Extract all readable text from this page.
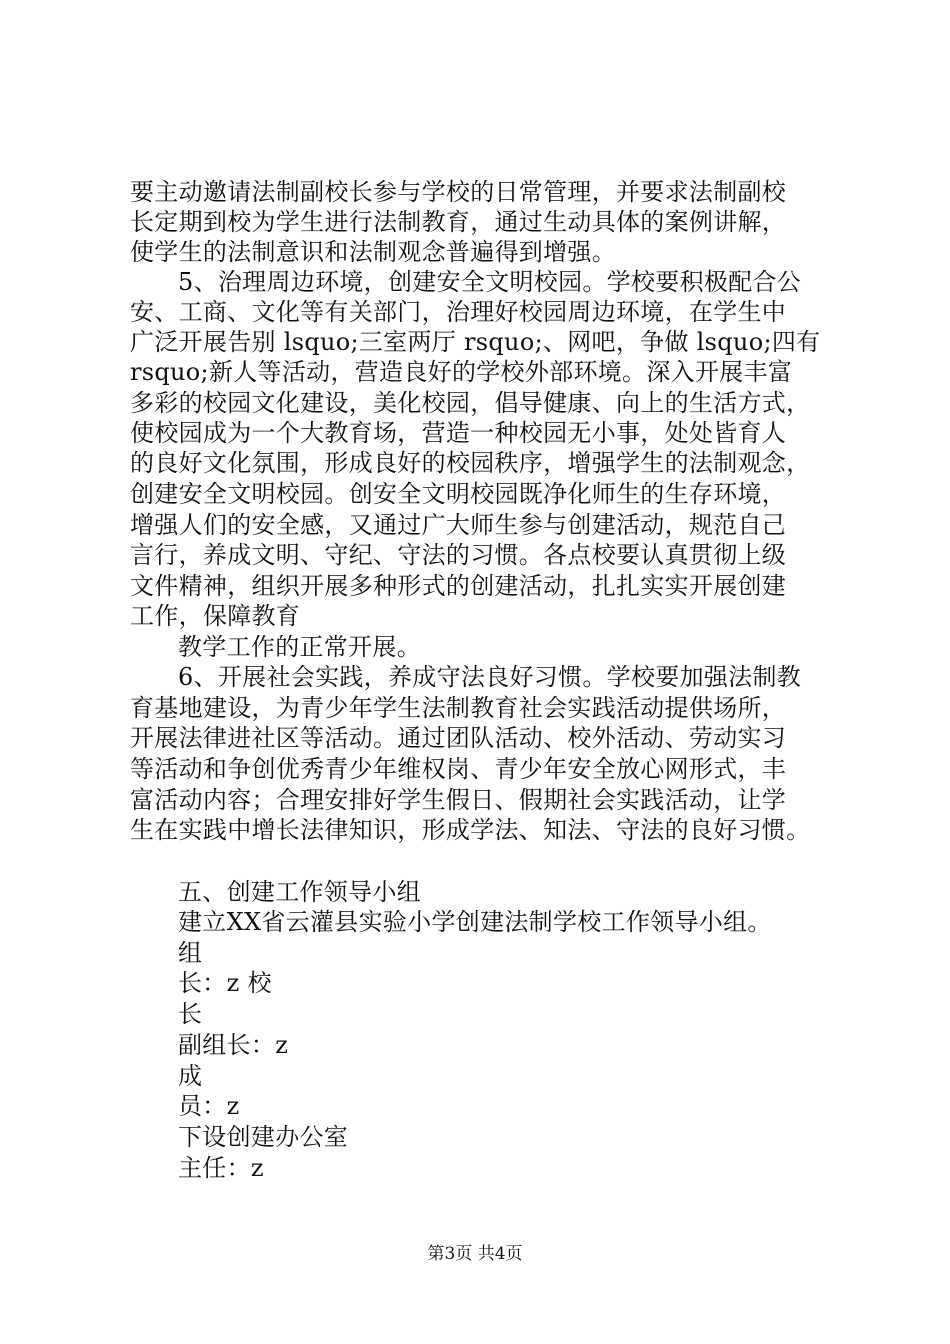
要主动邀请法制副校长参与学校的日常管理，并要求法制副校
长定期到校为学生进行法制教育，通过生动具体的案例讲解，
使学生的法制意识和法制观念普遍得到增强。
5、治理周边环境，创建安全文明校园。学校要积极配合公
安、工商、文化等有关部门，治理好校园周边环境，在学生中
广泛开展告别 lsquo;三室两厅 rsquo;、网吧，争做 lsquo;四有
rsquo;新人等活动，营造良好的学校外部环境。深入开展丰富
多彩的校园文化建设，美化校园，倡导健康、向上的生活方式，
使校园成为一个大教育场，营造一种校园无小事，处处皆育人
的良好文化氛围，形成良好的校园秩序，增强学生的法制观念，
创建安全文明校园。创安全文明校园既净化师生的生存环境，
增强人们的安全感，又通过广大师生参与创建活动，规范自己
言行，养成文明、守纪、守法的习惯。各点校要认真贯彻上级
文件精神，组织开展多种形式的创建活动，扎扎实实开展创建
工作，保障教育
教学工作的正常开展。
6、开展社会实践，养成守法良好习惯。学校要加强法制教
育基地建设，为青少年学生法制教育社会实践活动提供场所，
开展法律进社区等活动。通过团队活动、校外活动、劳动实习
等活动和争创优秀青少年维权岗、青少年安全放心网形式，丰
富活动内容；合理安排好学生假日、假期社会实践活动，让学
生在实践中增长法律知识，形成学法、知法、守法的良好习惯。
五、创建工作领导小组
建立XX省云灌县实验小学创建法制学校工作领导小组。
组
长：z 校
长
副组长：z
成
员：z
下设创建办公室
主任：z
第3页 共4页
